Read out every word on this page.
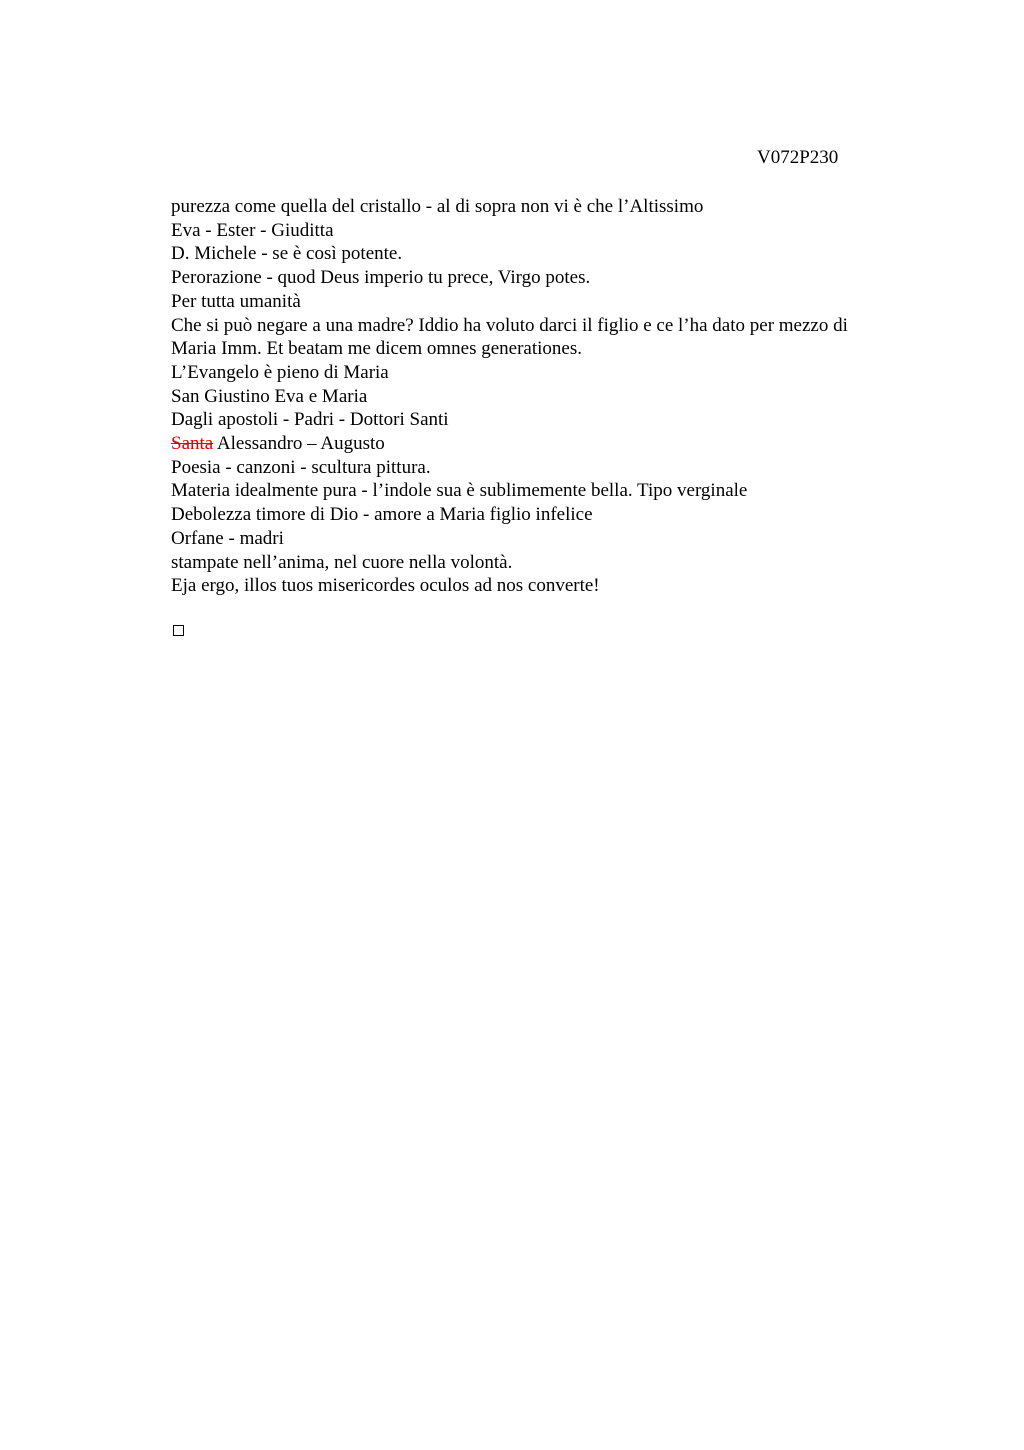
V072P230
purezza come quella del cristallo - al di sopra non vi è che l’Altissimo
Eva - Ester - Giuditta
D. Michele - se è così potente.
Perorazione - quod Deus imperio tu prece, Virgo potes.
Per tutta umanità
Che si può negare a una madre? Iddio ha voluto darci il figlio e ce l’ha dato per mezzo di
Maria Imm. Et beatam me dicem omnes generationes.
L’Evangelo è pieno di Maria
San Giustino Eva e Maria
Dagli apostoli - Padri - Dottori Santi
Santa Alessandro – Augusto
Poesia - canzoni - scultura pittura.
Materia idealmente pura - l’indole sua è sublimemente bella. Tipo verginale
Debolezza timore di Dio - amore a Maria figlio infelice
Orfane - madri
stampate nell’anima, nel cuore nella volontà.
Eja ergo, illos tuos misericordes oculos ad nos converte!
